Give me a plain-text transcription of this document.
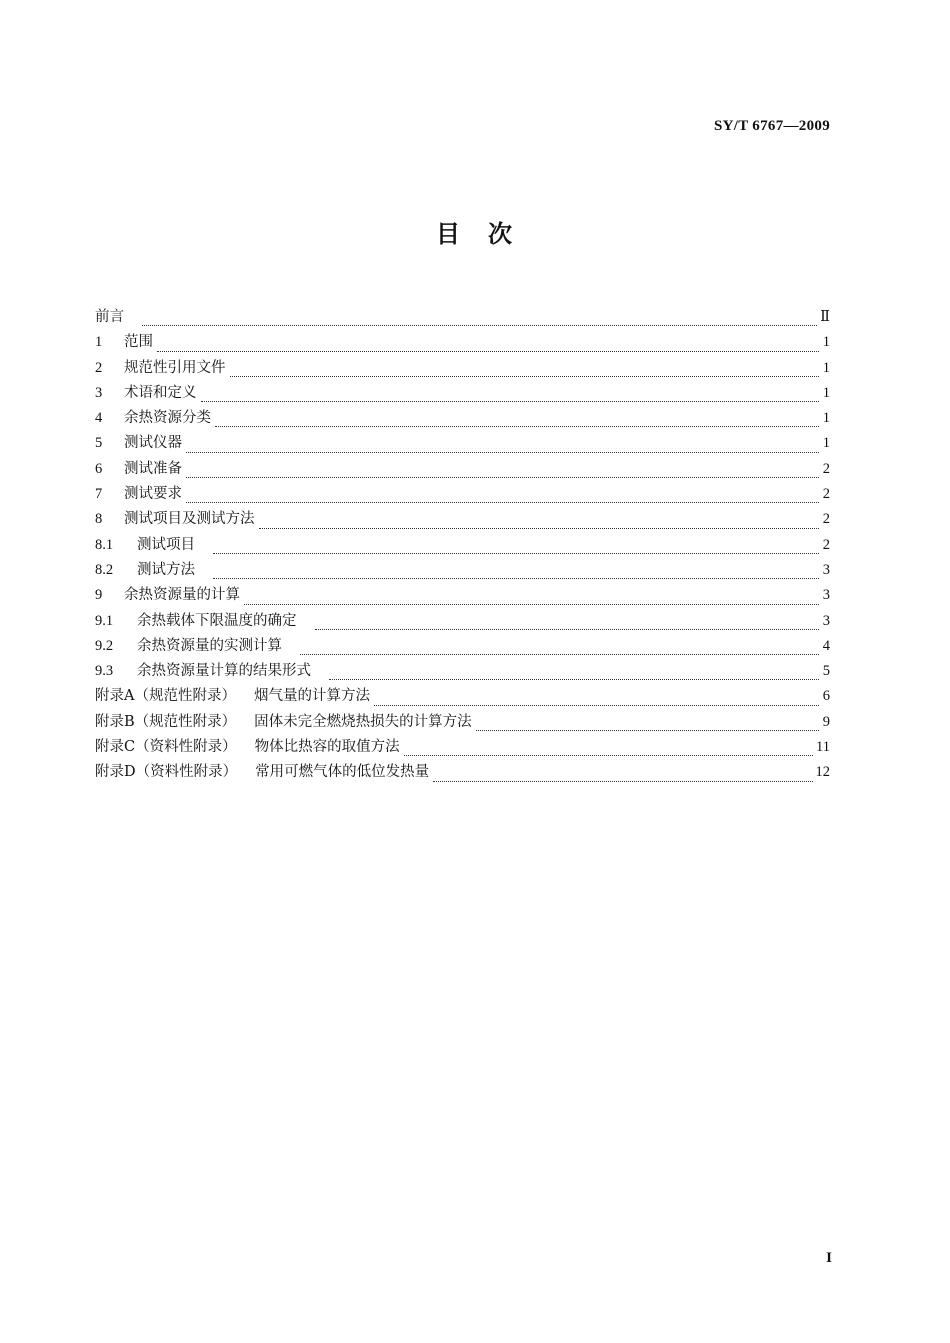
SY/T 6767—2009
目　次
前言	Ⅱ
1	范围	1
2	规范性引用文件	1
3	术语和定义	1
4	余热资源分类	1
5	测试仪器	1
6	测试准备	2
7	测试要求	2
8	测试项目及测试方法	2
8.1	测试项目	2
8.2	测试方法	3
9	余热资源量的计算	3
9.1	余热载体下限温度的确定	3
9.2	余热资源量的实测计算	4
9.3	余热资源量计算的结果形式	5
附录A（规范性附录） 烟气量的计算方法	6
附录B（规范性附录） 固体未完全燃烧热损失的计算方法	9
附录C（资料性附录） 物体比热容的取值方法	11
附录D（资料性附录） 常用可燃气体的低位发热量	12
I
